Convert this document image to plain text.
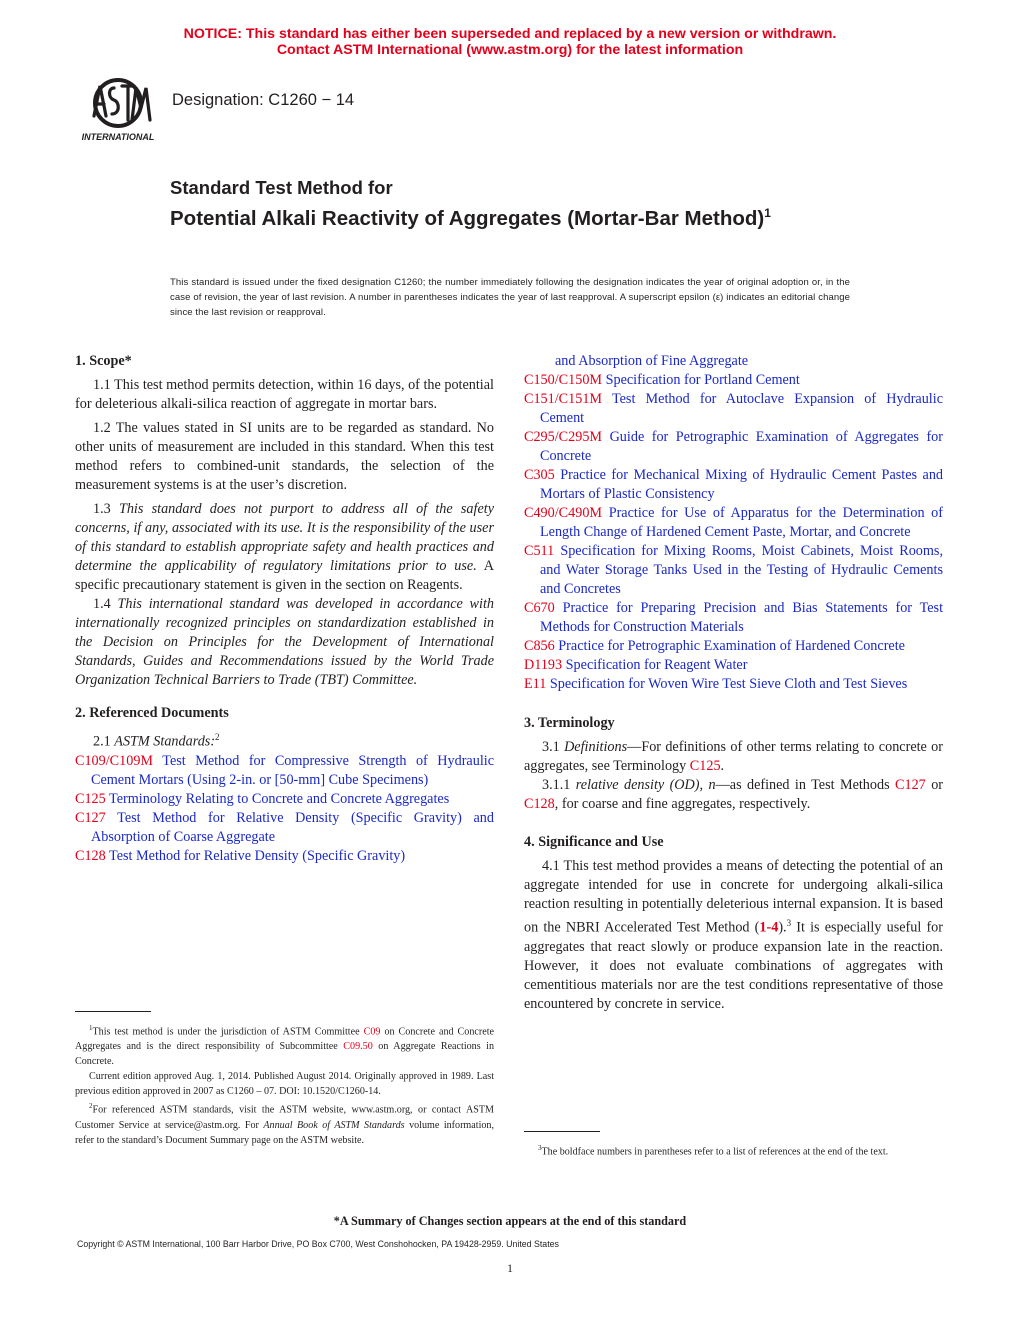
NOTICE: This standard has either been superseded and replaced by a new version or withdrawn.
Contact ASTM International (www.astm.org) for the latest information
INTERNATIONAL
Designation: C1260 − 14
Standard Test Method for
Potential Alkali Reactivity of Aggregates (Mortar-Bar Method)$^1$
This standard is issued under the fixed designation C1260; the number immediately following the designation indicates the year of original adoption or, in the case of revision, the year of last revision. A number in parentheses indicates the year of last reapproval. A superscript epsilon (ε) indicates an editorial change since the last revision or reapproval.
1. Scope*

1.1 This test method permits detection, within 16 days, of the potential for deleterious alkali-silica reaction of aggregate in mortar bars.

1.2 The values stated in SI units are to be regarded as standard. No other units of measurement are included in this standard. When this test method refers to combined-unit standards, the selection of the measurement systems is at the user’s discretion.

1.3 This standard does not purport to address all of the safety concerns, if any, associated with its use. It is the responsibility of the user of this standard to establish appropriate safety and health practices and determine the applicability of regulatory limitations prior to use. A specific precautionary statement is given in the section on Reagents.

1.4 This international standard was developed in accordance with internationally recognized principles on standardization established in the Decision on Principles for the Development of International Standards, Guides and Recommendations issued by the World Trade Organization Technical Barriers to Trade (TBT) Committee.

2. Referenced Documents

2.1 ASTM Standards:$^2$

C109/C109M Test Method for Compressive Strength of Hydraulic Cement Mortars (Using 2-in. or [50-mm] Cube Specimens)

C125 Terminology Relating to Concrete and Concrete Aggregates

C127 Test Method for Relative Density (Specific Gravity) and Absorption of Coarse Aggregate

C128 Test Method for Relative Density (Specific Gravity)

and Absorption of Fine Aggregate

C150/C150M Specification for Portland Cement

C151/C151M Test Method for Autoclave Expansion of Hydraulic Cement

C295/C295M Guide for Petrographic Examination of Aggregates for Concrete

C305 Practice for Mechanical Mixing of Hydraulic Cement Pastes and Mortars of Plastic Consistency

C490/C490M Practice for Use of Apparatus for the Determination of Length Change of Hardened Cement Paste, Mortar, and Concrete

C511 Specification for Mixing Rooms, Moist Cabinets, Moist Rooms, and Water Storage Tanks Used in the Testing of Hydraulic Cements and Concretes

C670 Practice for Preparing Precision and Bias Statements for Test Methods for Construction Materials

C856 Practice for Petrographic Examination of Hardened Concrete

D1193 Specification for Reagent Water

E11 Specification for Woven Wire Test Sieve Cloth and Test Sieves

3. Terminology

3.1 Definitions—For definitions of other terms relating to concrete or aggregates, see Terminology C125.

3.1.1 relative density (OD), n—as defined in Test Methods C127 or C128, for coarse and fine aggregates, respectively.

4. Significance and Use

4.1 This test method provides a means of detecting the potential of an aggregate intended for use in concrete for undergoing alkali-silica reaction resulting in potentially deleterious internal expansion. It is based on the NBRI Accelerated Test Method (1-4).$^3$ It is especially useful for aggregates that react slowly or produce expansion late in the reaction. However, it does not evaluate combinations of aggregates with cementitious materials nor are the test conditions representative of those encountered by concrete in service.

$^1$This test method is under the jurisdiction of ASTM Committee C09 on Concrete and Concrete Aggregates and is the direct responsibility of Subcommittee C09.50 on Aggregate Reactions in Concrete.

Current edition approved Aug. 1, 2014. Published August 2014. Originally approved in 1989. Last previous edition approved in 2007 as C1260 – 07. DOI: 10.1520/C1260-14.

$^2$For referenced ASTM standards, visit the ASTM website, www.astm.org, or contact ASTM Customer Service at service@astm.org. For Annual Book of ASTM Standards volume information, refer to the standard’s Document Summary page on the ASTM website.

$^3$The boldface numbers in parentheses refer to a list of references at the end of the text.

*A Summary of Changes section appears at the end of this standard
Copyright © ASTM International, 100 Barr Harbor Drive, PO Box C700, West Conshohocken, PA 19428-2959. United States
1
